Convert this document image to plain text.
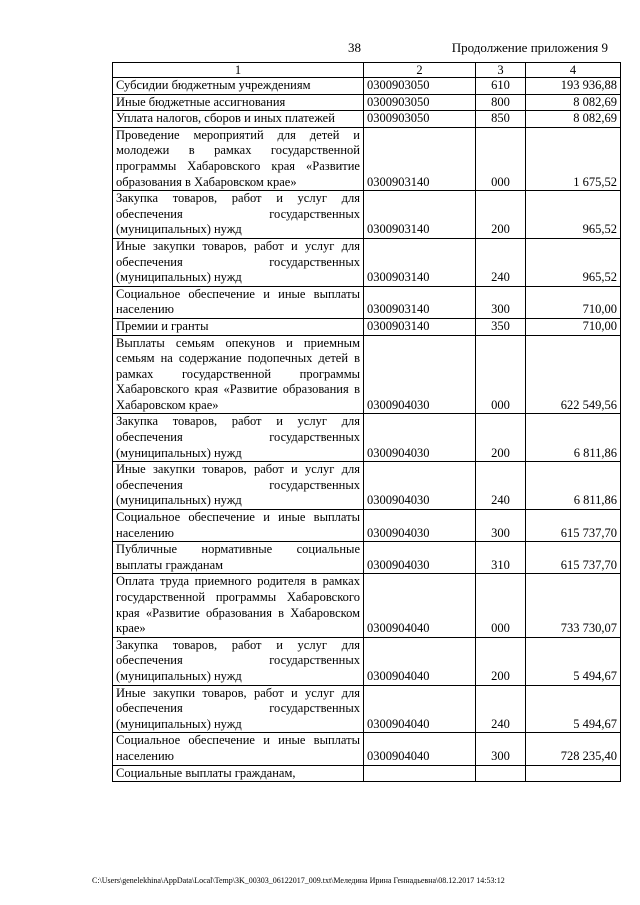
38	Продолжение приложения 9
1	2	3	4
Субсидии бюджетным учреждениям	0300903050	610	193 936,88
Иные бюджетные ассигнования	0300903050	800	8 082,69
Уплата налогов, сборов и иных платежей	0300903050	850	8 082,69
Проведение мероприятий для детей и молодежи в рамках государственной программы Хабаровского края «Развитие образования в Хабаровском крае»	0300903140	000	1 675,52
Закупка товаров, работ и услуг для обеспечения государственных (муниципальных) нужд	0300903140	200	965,52
Иные закупки товаров, работ и услуг для обеспечения государственных (муниципальных) нужд	0300903140	240	965,52
Социальное обеспечение и иные выплаты населению	0300903140	300	710,00
Премии и гранты	0300903140	350	710,00
Выплаты семьям опекунов и приемным семьям на содержание подопечных детей в рамках государственной программы Хабаровского края «Развитие образования в Хабаровском крае»	0300904030	000	622 549,56
Закупка товаров, работ и услуг для обеспечения государственных (муниципальных) нужд	0300904030	200	6 811,86
Иные закупки товаров, работ и услуг для обеспечения государственных (муниципальных) нужд	0300904030	240	6 811,86
Социальное обеспечение и иные выплаты населению	0300904030	300	615 737,70
Публичные нормативные социальные выплаты гражданам	0300904030	310	615 737,70
Оплата труда приемного родителя в рамках государственной программы Хабаровского края «Развитие образования в Хабаровском крае»	0300904040	000	733 730,07
Закупка товаров, работ и услуг для обеспечения государственных (муниципальных) нужд	0300904040	200	5 494,67
Иные закупки товаров, работ и услуг для обеспечения государственных (муниципальных) нужд	0300904040	240	5 494,67
Социальное обеспечение и иные выплаты населению	0300904040	300	728 235,40
Социальные выплаты гражданам,			
C:\Users\genelekhina\AppData\Local\Temp\3K_00303_06122017_009.txt\Меледина Ирина Геннадьевна\08.12.2017 14:53:12
